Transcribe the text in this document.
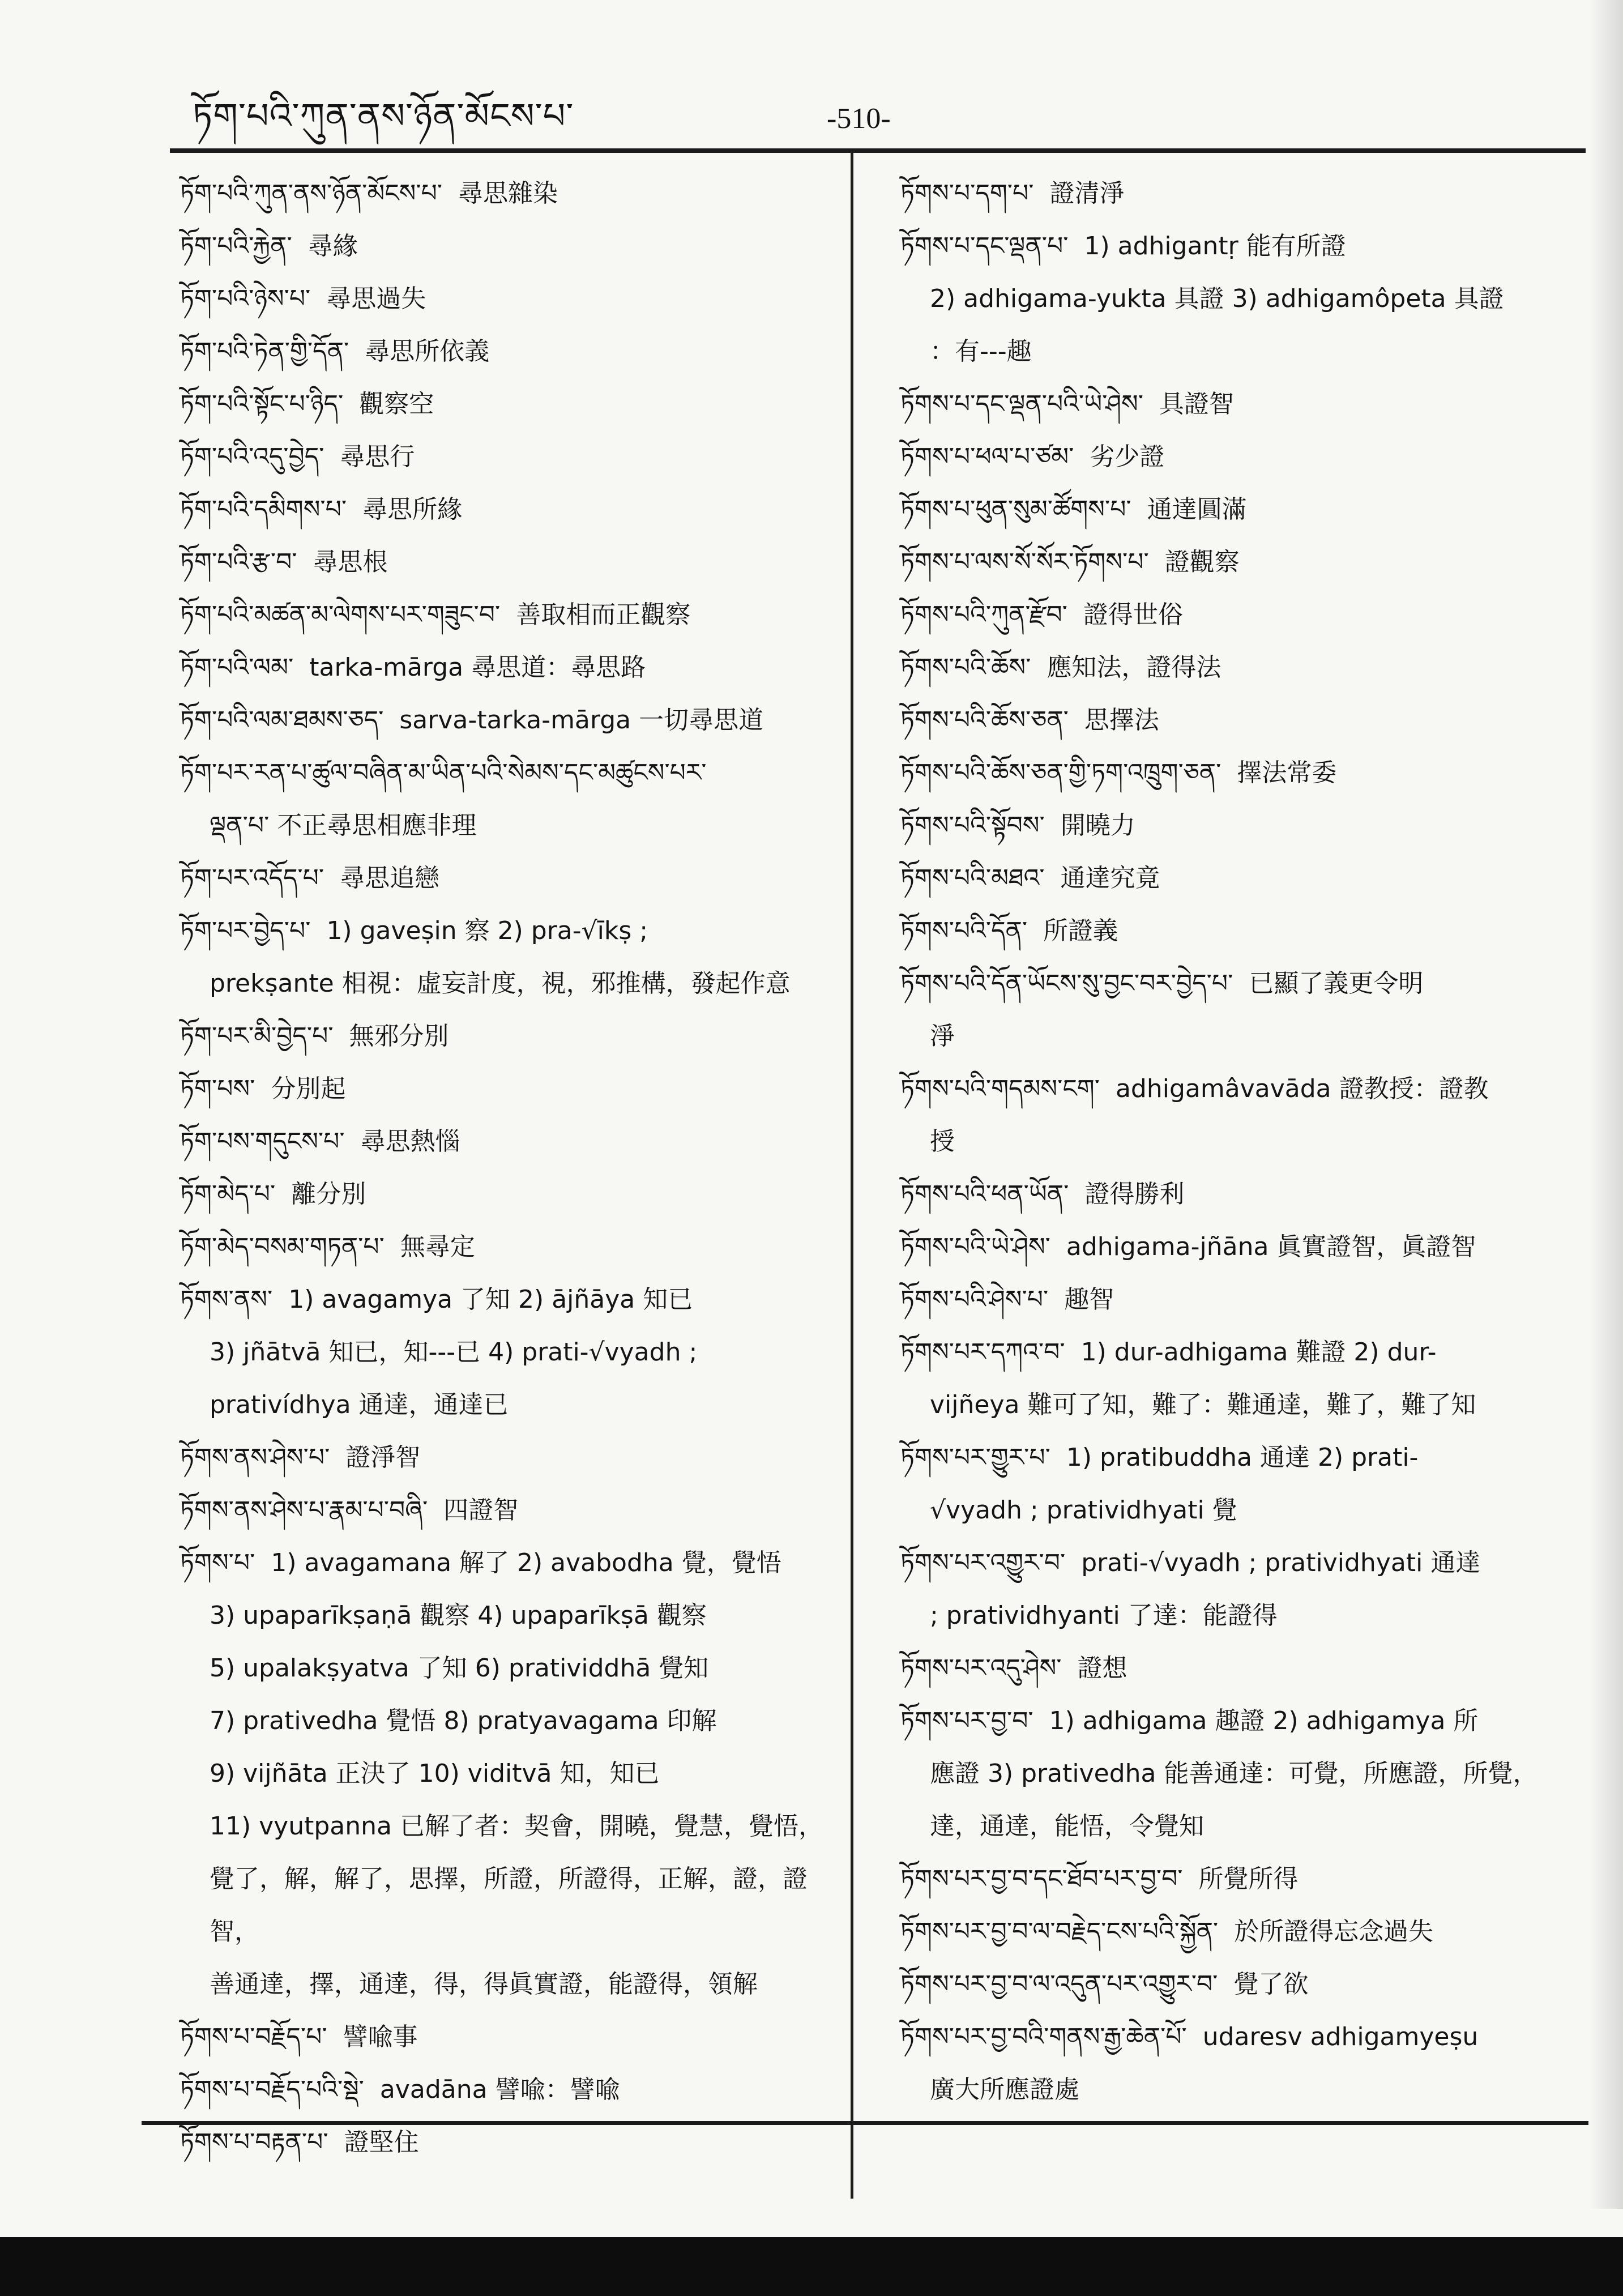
ཏོག་པའི་ཀུན་ནས་ཉོན་མོངས་པ་	-510-
ཏོག་པའི་ཀུན་ནས་ཉོན་མོངས་པ་ 尋思雜染
ཏོག་པའི་རྐྱེན་ 尋緣
ཏོག་པའི་ཉེས་པ་ 尋思過失
ཏོག་པའི་ཏེན་གྱི་དོན་ 尋思所依義
ཏོག་པའི་སྟོང་པ་ཉིད་ 觀察空
ཏོག་པའི་འདུ་བྱེད་ 尋思行
ཏོག་པའི་དམིགས་པ་ 尋思所緣
ཏོག་པའི་རྩ་བ་ 尋思根
ཏོག་པའི་མཚན་མ་ལེགས་པར་གཟུང་བ་ 善取相而正觀察
ཏོག་པའི་ལམ་ tarka-mārga 尋思道：尋思路
ཏོག་པའི་ལམ་ཐམས་ཅད་ sarva-tarka-mārga 一切尋思道
ཏོག་པར་རན་པ་ཚུལ་བཞིན་མ་ཡིན་པའི་སེམས་དང་མཚུངས་པར་
ལྡན་པ་ 不正尋思相應非理
ཏོག་པར་འདོད་པ་ 尋思追戀
ཏོག་པར་བྱེད་པ་ 1) gaveṣin 察 2) pra-√īkṣ ;
prekṣante 相視：虛妄計度，視，邪推構，發起作意
ཏོག་པར་མི་བྱེད་པ་ 無邪分別
ཏོག་པས་ 分別起
ཏོག་པས་གདུངས་པ་ 尋思熱惱
ཏོག་མེད་པ་ 離分別
ཏོག་མེད་བསམ་གཏན་པ་ 無尋定
ཏོགས་ནས་ 1) avagamya 了知 2) ājñāya 知已
3) jñātvā 知已，知---已 4) prati-√vyadh ;
prativídhya 通達，通達已
ཏོགས་ནས་ཤེས་པ་ 證淨智
ཏོགས་ནས་ཤེས་པ་རྣམ་པ་བཞི་ 四證智
ཏོགས་པ་ 1) avagamana 解了 2) avabodha 覺，覺悟
3) upaparīkṣaṇā 觀察 4) upaparīkṣā 觀察
5) upalakṣyatva 了知 6) pratividdhā 覺知
7) prativedha 覺悟 8) pratyavagama 印解
9) vijñāta 正決了 10) viditvā 知，知已
11) vyutpanna 已解了者：契會，開曉，覺慧，覺悟，
覺了，解，解了，思擇，所證，所證得，正解，證，證智，
善通達，擇，通達，得，得眞實證，能證得，領解
ཏོགས་པ་བརྗོད་པ་ 譬喩事
ཏོགས་པ་བརྗོད་པའི་སྡེ་ avadāna 譬喩：譬喩
ཏོགས་པ་བརྟན་པ་ 證堅住
ཏོགས་པ་དག་པ་ 證清淨
ཏོགས་པ་དང་ལྡན་པ་ 1) adhigantṛ 能有所證
2) adhigama-yukta 具證 3) adhigamôpeta 具證
：有---趣
ཏོགས་པ་དང་ལྡན་པའི་ཡེ་ཤེས་ 具證智
ཏོགས་པ་ཕལ་པ་ཙམ་ 劣少證
ཏོགས་པ་ཕུན་སུམ་ཚོགས་པ་ 通達圓滿
ཏོགས་པ་ལས་སོ་སོར་ཏོགས་པ་ 證觀察
ཏོགས་པའི་ཀུན་རྫོབ་ 證得世俗
ཏོགས་པའི་ཆོས་ 應知法，證得法
ཏོགས་པའི་ཆོས་ཅན་ 思擇法
ཏོགས་པའི་ཆོས་ཅན་གྱི་ཏག་འཁྲུག་ཅན་ 擇法常委
ཏོགས་པའི་སྟོབས་ 開曉力
ཏོགས་པའི་མཐའ་ 通達究竟
ཏོགས་པའི་དོན་ 所證義
ཏོགས་པའི་དོན་ཡོངས་སུ་བྱང་བར་བྱེད་པ་ 已顯了義更令明
淨
ཏོགས་པའི་གདམས་ངག་ adhigamâvavāda 證教授：證教
授
ཏོགས་པའི་ཕན་ཡོན་ 證得勝利
ཏོགས་པའི་ཡེ་ཤེས་ adhigama-jñāna 眞實證智，眞證智
ཏོགས་པའི་ཤེས་པ་ 趣智
ཏོགས་པར་དཀའ་བ་ 1) dur-adhigama 難證 2) dur-
vijñeya 難可了知，難了：難通達，難了，難了知
ཏོགས་པར་གྱུར་པ་ 1) pratibuddha 通達 2) prati-
√vyadh ; pratividhyati 覺
ཏོགས་པར་འགྱུར་བ་ prati-√vyadh ; pratividhyati 通達
; pratividhyanti 了達：能證得
ཏོགས་པར་འདུ་ཤེས་ 證想
ཏོགས་པར་བྱ་བ་ 1) adhigama 趣證 2) adhigamya 所
應證 3) prativedha 能善通達：可覺，所應證，所覺，
達，通達，能悟，令覺知
ཏོགས་པར་བྱ་བ་དང་ཐོབ་པར་བྱ་བ་ 所覺所得
ཏོགས་པར་བྱ་བ་ལ་བརྗེད་ངས་པའི་སྐྱོན་ 於所證得忘念過失
ཏོགས་པར་བྱ་བ་ལ་འདུན་པར་འགྱུར་བ་ 覺了欲
ཏོགས་པར་བྱ་བའི་གནས་རྒྱ་ཆེན་པོ་ udaresv adhigamyeṣu
廣大所應證處
